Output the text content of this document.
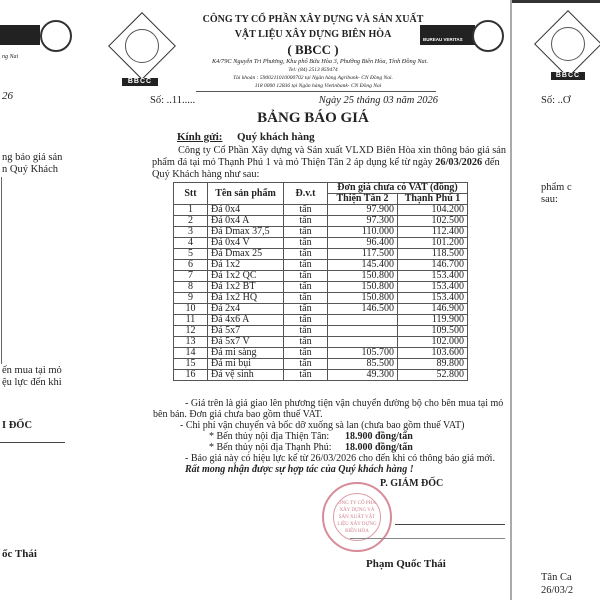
ng Nai
26
ng báo giá sản
n Quý Khách
ến mua tại mỏ
ệu lực đến khi
I ĐỐC
ốc Thái
BBCC
BUREAU VERITAS
CÔNG TY CỔ PHẦN XÂY DỰNG VÀ SẢN XUẤT
VẬT LIỆU XÂY DỰNG BIÊN HÒA
( BBCC )
K4/79C Nguyễn Tri Phương, Khu phố Bửu Hòa 3, Phường Biên Hòa, Tỉnh Đồng Nai.
Tel: (84) 2513 859474
Tài khoản : 5900211010000702 tại Ngân hàng Agribank- CN Đồng Nai.
118 0000 12836 tại Ngân hàng Vietinbank- CN Đồng Nai
Số: ..11.....	Ngày 25 tháng 03 năm 2026
BẢNG BÁO GIÁ
Kính gửi: Quý khách hàng
Công ty Cổ Phần Xây dựng và Sản xuất VLXD Biên Hòa xin thông báo giá sản
phẩm đá tại mỏ Thạnh Phú 1 và mỏ Thiện Tân 2 áp dụng kể từ ngày 26/03/2026 đến
Quý Khách hàng như sau:
Stt	Tên sản phẩm	Đ.v.t	Đơn giá chưa có VAT (đồng)	
			Thiện Tân 2	Thạnh Phú 1
1	Đá 0x4	tấn	97.900	104.200
2	Đá 0x4 A	tấn	97.300	102.500
3	Đá Dmax 37,5	tấn	110.000	112.400
4	Đá 0x4 V	tấn	96.400	101.200
5	Đá Dmax 25	tấn	117.500	118.500
6	Đá 1x2	tấn	145.400	146.700
7	Đá 1x2 QC	tấn	150.800	153.400
8	Đá 1x2 BT	tấn	150.800	153.400
9	Đá 1x2 HQ	tấn	150.800	153.400
10	Đá 2x4	tấn	146.500	146.900
11	Đá 4x6 A	tấn		119.900
12	Đá 5x7	tấn		109.500
13	Đá 5x7 V	tấn		102.000
14	Đá mi sàng	tấn	105.700	103.600
15	Đá mi bụi	tấn	85.500	89.800
16	Đá vệ sinh	tấn	49.300	52.800
- Giá trên là giá giao lên phương tiện vận chuyển đường bộ cho bên mua tại mỏ
bên bán. Đơn giá chưa bao gồm thuế VAT.
- Chi phí vận chuyển và bốc dỡ xuống sà lan (chưa bao gồm thuế VAT)
* Bến thủy nội địa Thiện Tân: 18.900 đồng/tấn
* Bến thủy nội địa Thạnh Phú: 18.000 đồng/tấn
- Báo giá này có hiệu lực kể từ 26/03/2026 cho đến khi có thông báo giá mới.
Rất mong nhận được sự hợp tác của Quý khách hàng !
P. GIÁM ĐỐC
CÔNG TY CỔ PHẦN XÂY DỰNG VÀ SẢN XUẤT VẬT LIỆU XÂY DỰNG BIÊN HÒA
Phạm Quốc Thái
BBCC
Số: ..Ơ
phẩm c
sau:
Tân Ca
26/03/2
